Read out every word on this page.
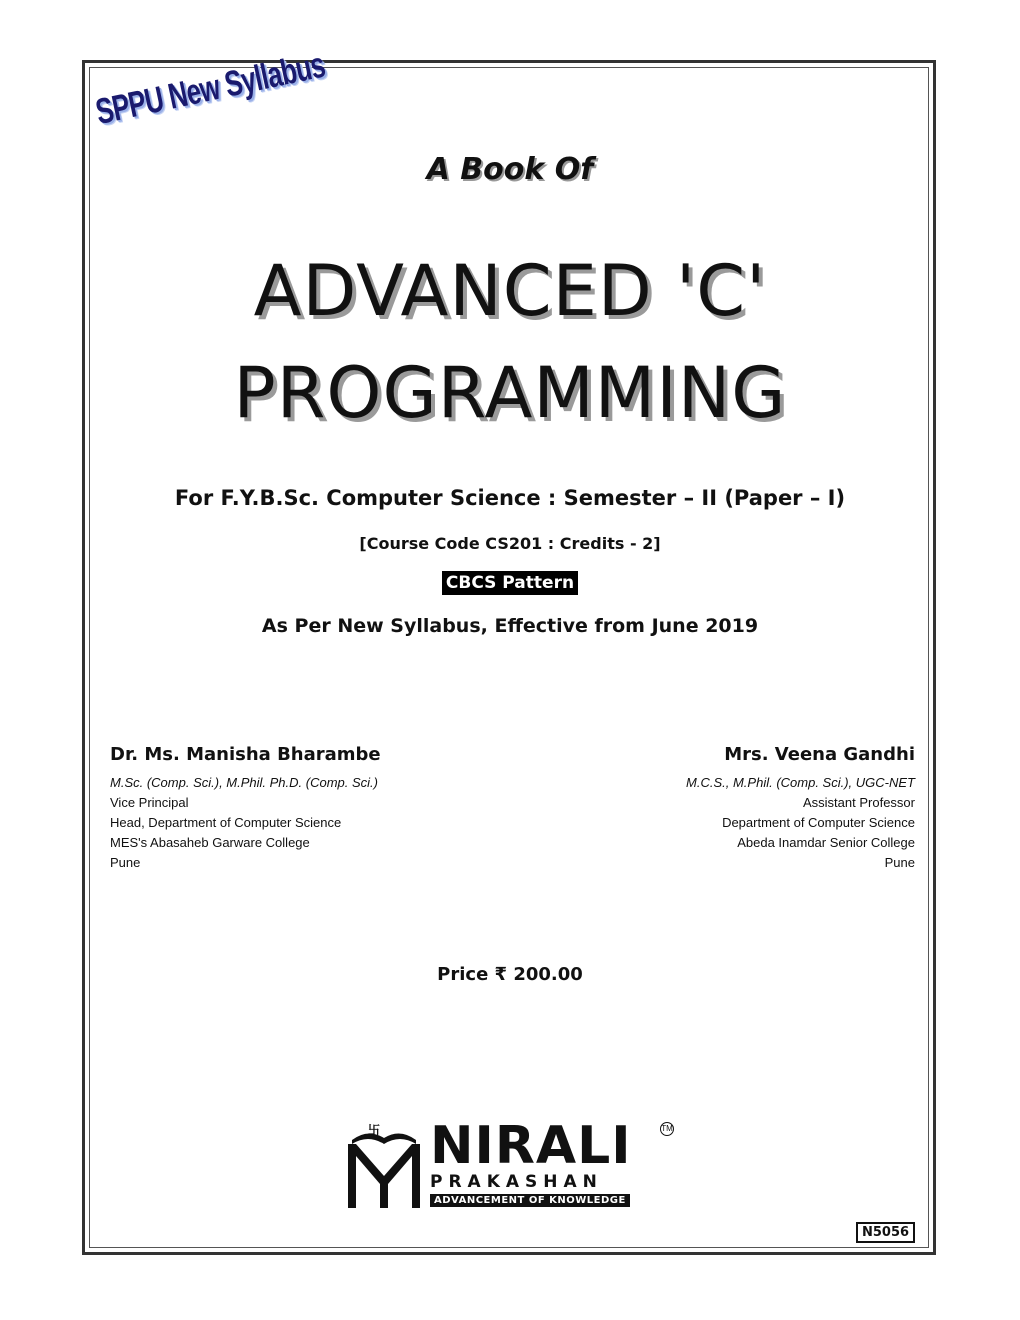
SPPU New Syllabus
A Book Of
ADVANCED 'C'
PROGRAMMING
For F.Y.B.Sc. Computer Science : Semester – II (Paper – I)
[Course Code CS201 : Credits - 2]
CBCS Pattern
As Per New Syllabus, Effective from June 2019
Dr. Ms. Manisha Bharambe
M.Sc. (Comp. Sci.), M.Phil. Ph.D. (Comp. Sci.)
Vice Principal
Head, Department of Computer Science
MES's Abasaheb Garware College
Pune
Mrs. Veena Gandhi
M.C.S., M.Phil. (Comp. Sci.), UGC-NET
Assistant Professor
Department of Computer Science
Abeda Inamdar Senior College
Pune
Price ₹ 200.00
卐 NIRALI	TM
PRAKASHAN
ADVANCEMENT OF KNOWLEDGE
N5056
